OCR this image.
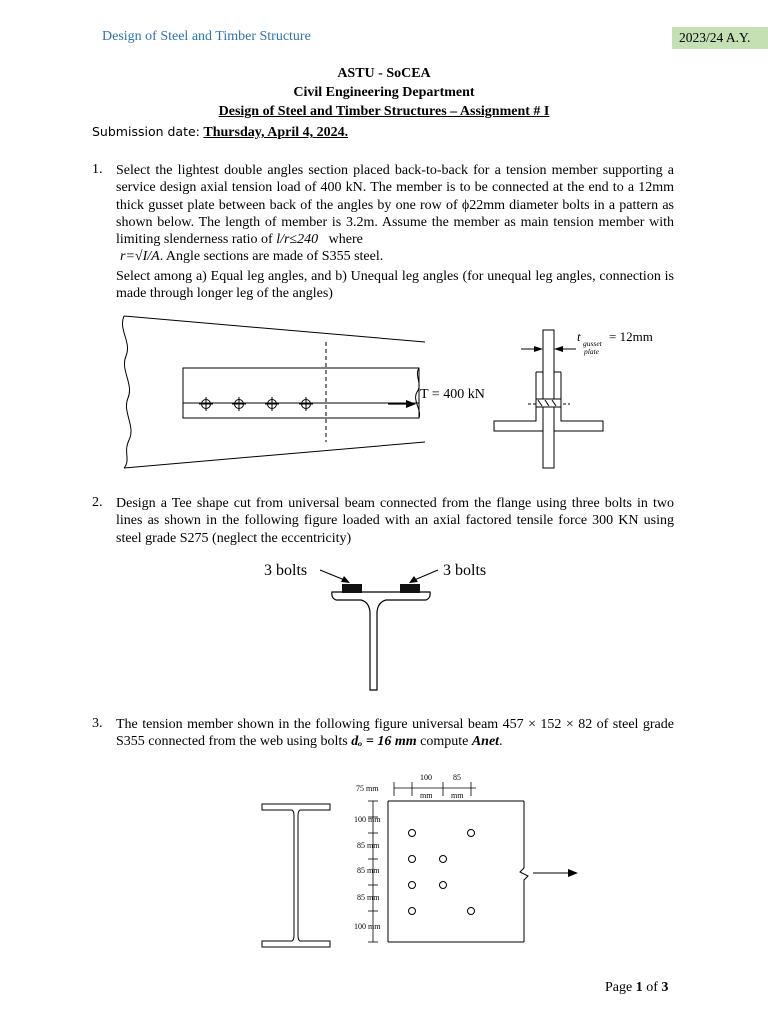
Design of Steel and Timber Structure	2023/24 A.Y.
ASTU - SoCEA
Civil Engineering Department
Design of Steel and Timber Structures – Assignment # I
Submission date: Thursday, April 4, 2024.
1. Select the lightest double angles section placed back-to-back for a tension member supporting a service design axial tension load of 400 kN. The member is to be connected at the end to a 12mm thick gusset plate between back of the angles by one row of ϕ22mm diameter bolts in a pattern as shown below. The length of member is 3.2m. Assume the member as main tension member with limiting slenderness ratio of l/r≤240 where

r=√I/A. Angle sections are made of S355 steel.

Select among a) Equal leg angles, and b) Unequal leg angles (for unequal leg angles, connection is made through longer leg of the angles)

2. Design a Tee shape cut from universal beam connected from the flange using three bolts in two lines as shown in the following figure loaded with an axial factored tensile force 300 KN using steel grade S275 (neglect the eccentricity)
3. The tension member shown in the following figure universal beam 457 × 152 × 82 of steel grade S355 connected from the web using bolts dₒ = 16 mm compute Anet.
T = 400 kN
t gusset
plate
= 12mm
3 bolts	3 bolts
75 mm
100
mm
85
mm
100 mm
85 mm
85 mm
85 mm
100 mm
Page 1 of 3
